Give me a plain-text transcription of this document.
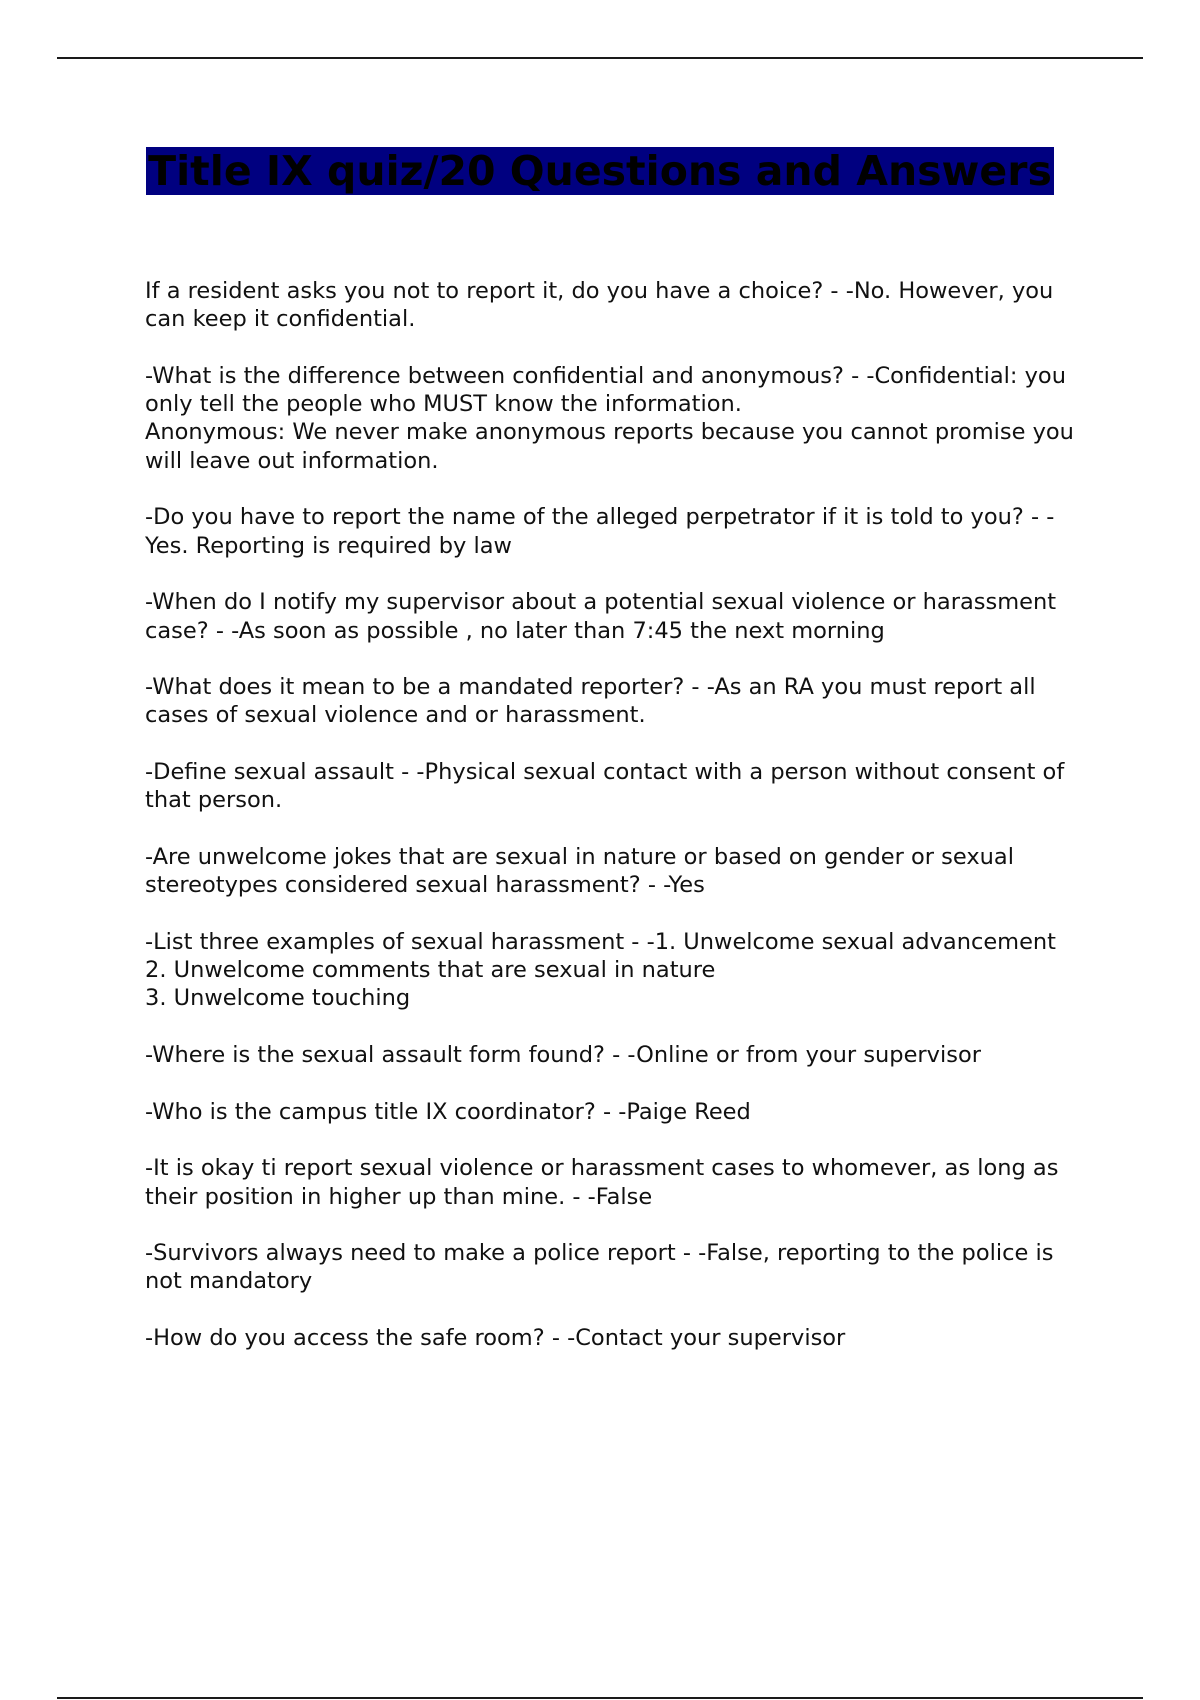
Title IX quiz/20 Questions and Answers

If a resident asks you not to report it, do you have a choice? - -No. However, you can keep it confidential.

-What is the difference between confidential and anonymous? - -Confidential: you only tell the people who MUST know the information.
Anonymous: We never make anonymous reports because you cannot promise you will leave out information.

-Do you have to report the name of the alleged perpetrator if it is told to you? - -Yes. Reporting is required by law

-When do I notify my supervisor about a potential sexual violence or harassment case? - -As soon as possible , no later than 7:45 the next morning

-What does it mean to be a mandated reporter? - -As an RA you must report all cases of sexual violence and or harassment.

-Define sexual assault - -Physical sexual contact with a person without consent of that person.

-Are unwelcome jokes that are sexual in nature or based on gender or sexual stereotypes considered sexual harassment? - -Yes

-List three examples of sexual harassment - -1. Unwelcome sexual advancement
2. Unwelcome comments that are sexual in nature
3. Unwelcome touching

-Where is the sexual assault form found? - -Online or from your supervisor

-Who is the campus title IX coordinator? - -Paige Reed

-It is okay ti report sexual violence or harassment cases to whomever, as long as their position in higher up than mine. - -False

-Survivors always need to make a police report - -False, reporting to the police is not mandatory

-How do you access the safe room? - -Contact your supervisor
